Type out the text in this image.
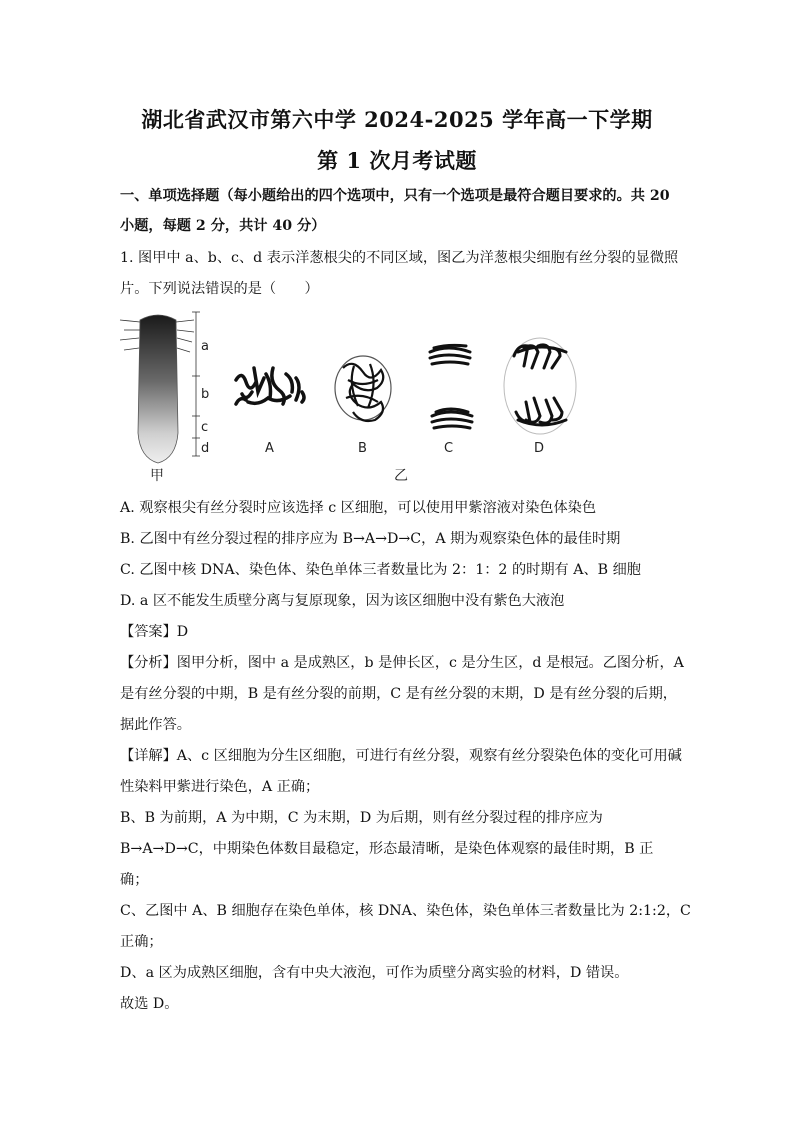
湖北省武汉市第六中学 2024-2025 学年高一下学期
第 1 次月考试题
一、单项选择题（每小题给出的四个选项中，只有一个选项是最符合题目要求的。共 20
小题，每题 2 分，共计 40 分）
1. 图甲中 a、b、c、d 表示洋葱根尖的不同区域，图乙为洋葱根尖细胞有丝分裂的显微照
片。下列说法错误的是（　　）
a
b
c
d
甲
A	B	C	D
乙
A. 观察根尖有丝分裂时应该选择 c 区细胞，可以使用甲紫溶液对染色体染色
B. 乙图中有丝分裂过程的排序应为 B→A→D→C，A 期为观察染色体的最佳时期
C. 乙图中核 DNA、染色体、染色单体三者数量比为 2：1：2 的时期有 A、B 细胞
D. a 区不能发生质壁分离与复原现象，因为该区细胞中没有紫色大液泡
【答案】D
【分析】图甲分析，图中 a 是成熟区，b 是伸长区，c 是分生区，d 是根冠。乙图分析，A
是有丝分裂的中期，B 是有丝分裂的前期，C 是有丝分裂的末期，D 是有丝分裂的后期，
据此作答。
【详解】A、c 区细胞为分生区细胞，可进行有丝分裂，观察有丝分裂染色体的变化可用碱
性染料甲紫进行染色，A 正确；
B、B 为前期，A 为中期，C 为末期，D 为后期，则有丝分裂过程的排序应为
B→A→D→C，中期染色体数目最稳定，形态最清晰，是染色体观察的最佳时期，B 正
确；
C、乙图中 A、B 细胞存在染色单体，核 DNA、染色体，染色单体三者数量比为 2:1:2，C
正确；
D、a 区为成熟区细胞，含有中央大液泡，可作为质壁分离实验的材料，D 错误。
故选 D。
